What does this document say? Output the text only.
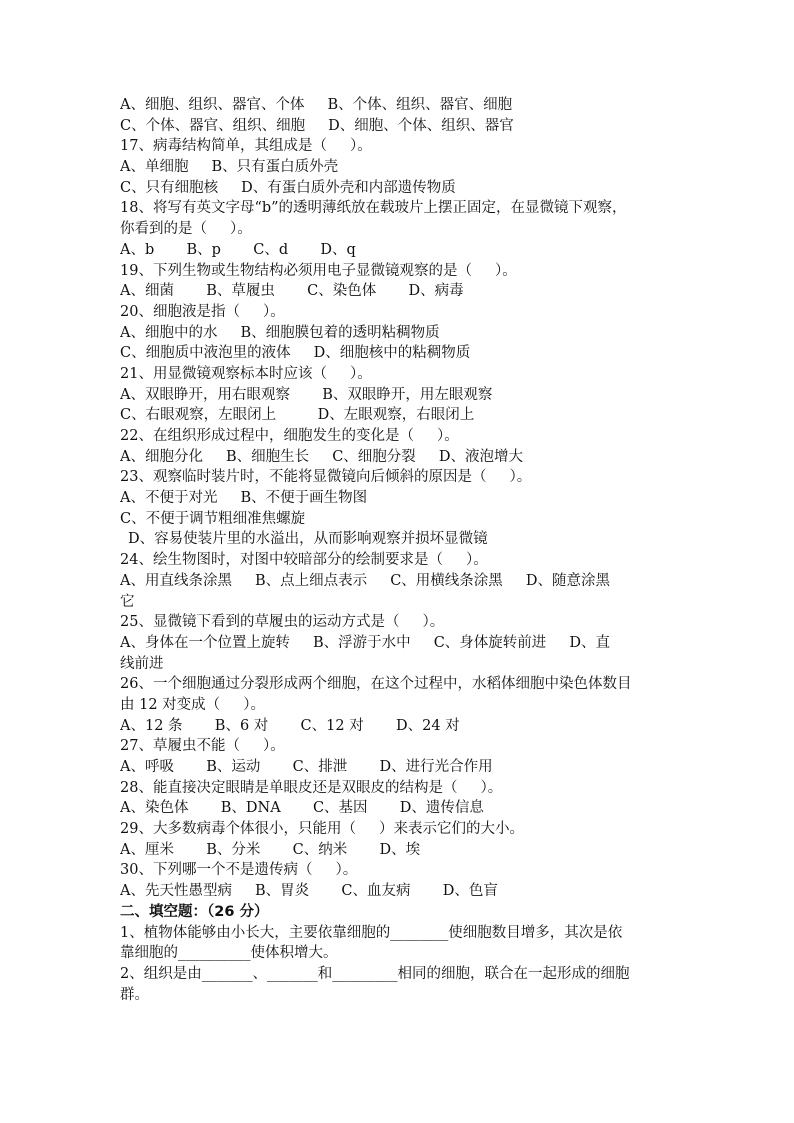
A、细胞、组织、器官、个体     B、个体、组织、器官、细胞
C、个体、器官、组织、细胞     D、细胞、个体、组织、器官
17、病毒结构简单，其组成是（     ）。
A、单细胞     B、只有蛋白质外壳
C、只有细胞核     D、有蛋白质外壳和内部遗传物质
18、将写有英文字母“b”的透明薄纸放在载玻片上摆正固定，在显微镜下观察，
你看到的是（     ）。
A、b       B、p       C、d       D、q
19、下列生物或生物结构必须用电子显微镜观察的是（     ）。
A、细菌       B、草履虫       C、染色体       D、病毒
20、细胞液是指（     ）。
A、细胞中的水     B、细胞膜包着的透明粘稠物质
C、细胞质中液泡里的液体     D、细胞核中的粘稠物质
21、用显微镜观察标本时应该（     ）。
A、双眼睁开，用右眼观察       B、双眼睁开，用左眼观察
C、右眼观察，左眼闭上         D、左眼观察，右眼闭上
22、在组织形成过程中，细胞发生的变化是（     ）。
A、细胞分化     B、细胞生长     C、细胞分裂     D、液泡增大
23、观察临时装片时，不能将显微镜向后倾斜的原因是（     ）。
A、不便于对光     B、不便于画生物图
C、不便于调节粗细准焦螺旋
D、容易使装片里的水溢出，从而影响观察并损坏显微镜
24、绘生物图时，对图中较暗部分的绘制要求是（     ）。
A、用直线条涂黑     B、点上细点表示     C、用横线条涂黑     D、随意涂黑
它
25、显微镜下看到的草履虫的运动方式是（     ）。
A、身体在一个位置上旋转     B、浮游于水中     C、身体旋转前进     D、直
线前进
26、一个细胞通过分裂形成两个细胞，在这个过程中，水稻体细胞中染色体数目
由 12 对变成（     ）。
A、12 条       B、6 对       C、12 对       D、24 对
27、草履虫不能（     ）。
A、呼吸       B、运动       C、排泄       D、进行光合作用
28、能直接决定眼睛是单眼皮还是双眼皮的结构是（     ）。
A、染色体       B、DNA       C、基因       D、遗传信息
29、大多数病毒个体很小，只能用（     ）来表示它们的大小。
A、厘米       B、分米       C、纳米       D、埃
30、下列哪一个不是遗传病（     ）。
A、先天性愚型病     B、胃炎       C、血友病       D、色盲
二、填空题：（26 分）
1、植物体能够由小长大，主要依靠细胞的________使细胞数目增多，其次是依
靠细胞的__________使体积增大。
2、组织是由_______、_______和_________相同的细胞，联合在一起形成的细胞
群。
